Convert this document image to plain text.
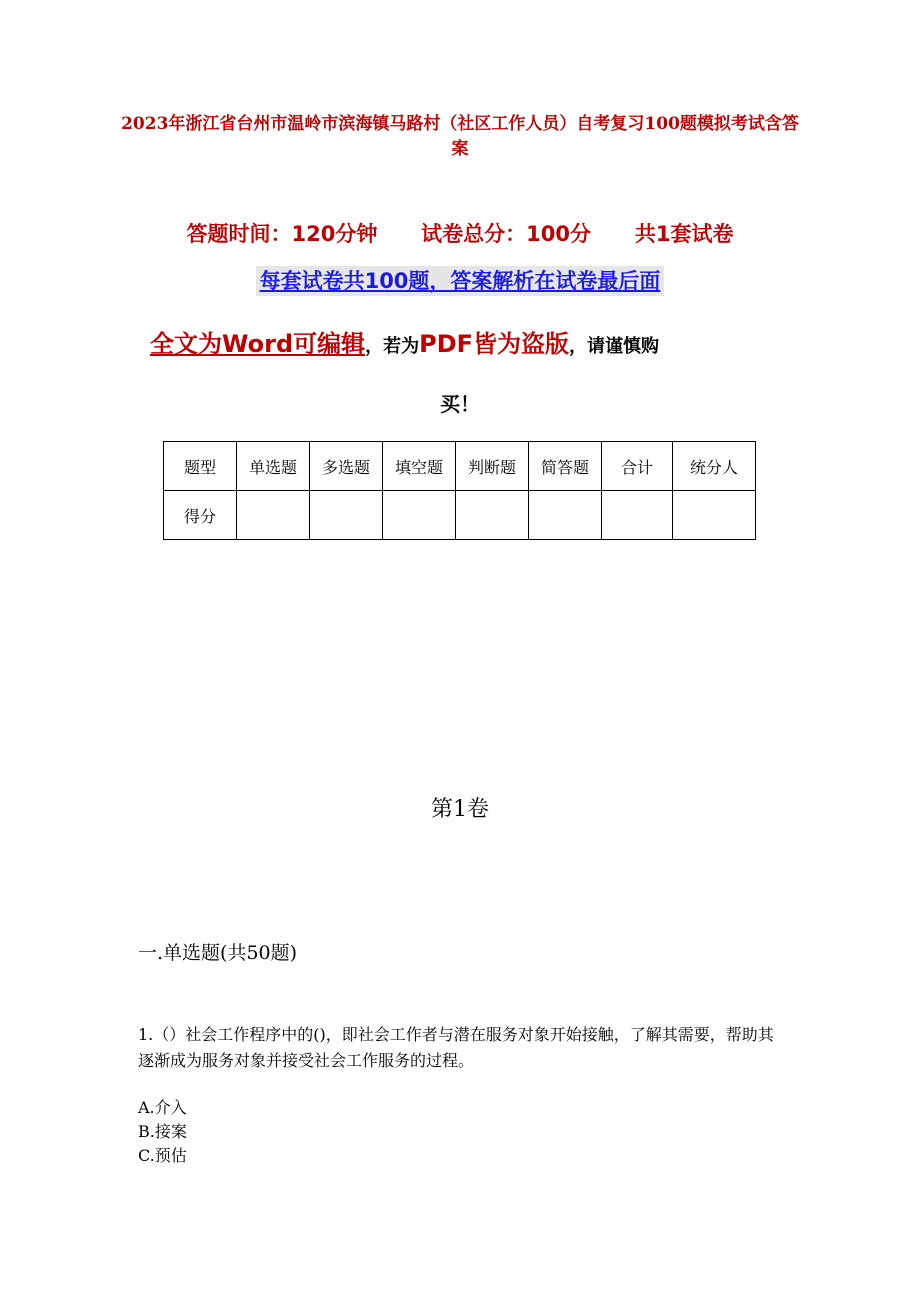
2023年浙江省台州市温岭市滨海镇马路村（社区工作人员）自考复习100题模拟考试含答案
答题时间：120分钟      试卷总分：100分      共1套试卷
每套试卷共100题，答案解析在试卷最后面
全文为Word可编辑，若为PDF皆为盗版，请谨慎购
买！
题型	单选题	多选题	填空题	判断题	简答题	合计	统分人
得分							
第1卷
一.单选题(共50题)
1.（）社会工作程序中的()，即社会工作者与潜在服务对象开始接触，了解其需要，帮助其逐渐成为服务对象并接受社会工作服务的过程。
A.介入
B.接案
C.预估
